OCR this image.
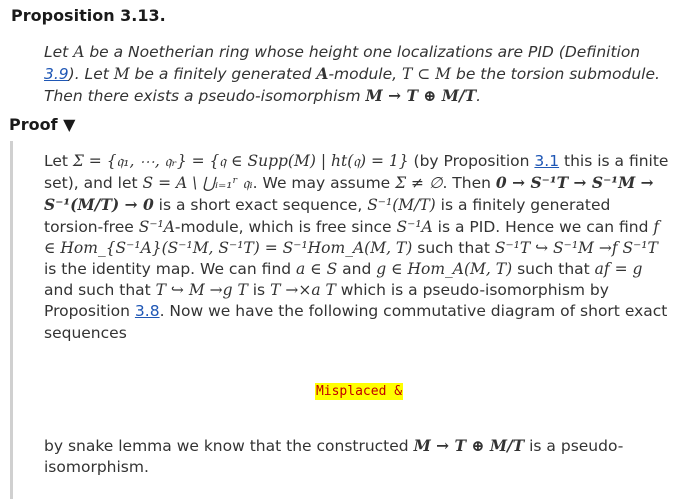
Proposition 3.13.
Let A be a Noetherian ring whose height one localizations are PID (Definition 3.9). Let M be a finitely generated A-module, T ⊂ M be the torsion submodule. Then there exists a pseudo-isomorphism M → T ⊕ M/T.
Proof ▼

Let Σ = {𝔮₁, ⋯, 𝔮ᵣ} = {𝔮 ∈ Supp(M) | ht(𝔮) = 1} (by Proposition 3.1 this is a finite set), and let S = A \ ⋃ᵢ₌₁ʳ 𝔮ᵢ. We may assume Σ ≠ ∅. Then 0 → S⁻¹T → S⁻¹M → S⁻¹(M/T) → 0 is a short exact sequence, S⁻¹(M/T) is a finitely generated torsion-free S⁻¹A-module, which is free since S⁻¹A is a PID. Hence we can find f ∈ Hom_{S⁻¹A}(S⁻¹M, S⁻¹T) = S⁻¹Hom_A(M, T) such that S⁻¹T ↪ S⁻¹M →f S⁻¹T is the identity map. We can find a ∈ S and g ∈ Hom_A(M, T) such that af = g and such that T ↪ M →g T is T →×a T which is a pseudo-isomorphism by Proposition 3.8. Now we have the following commutative diagram of short exact sequences

Misplaced &

by snake lemma we know that the constructed M → T ⊕ M/T is a pseudo-isomorphism.
